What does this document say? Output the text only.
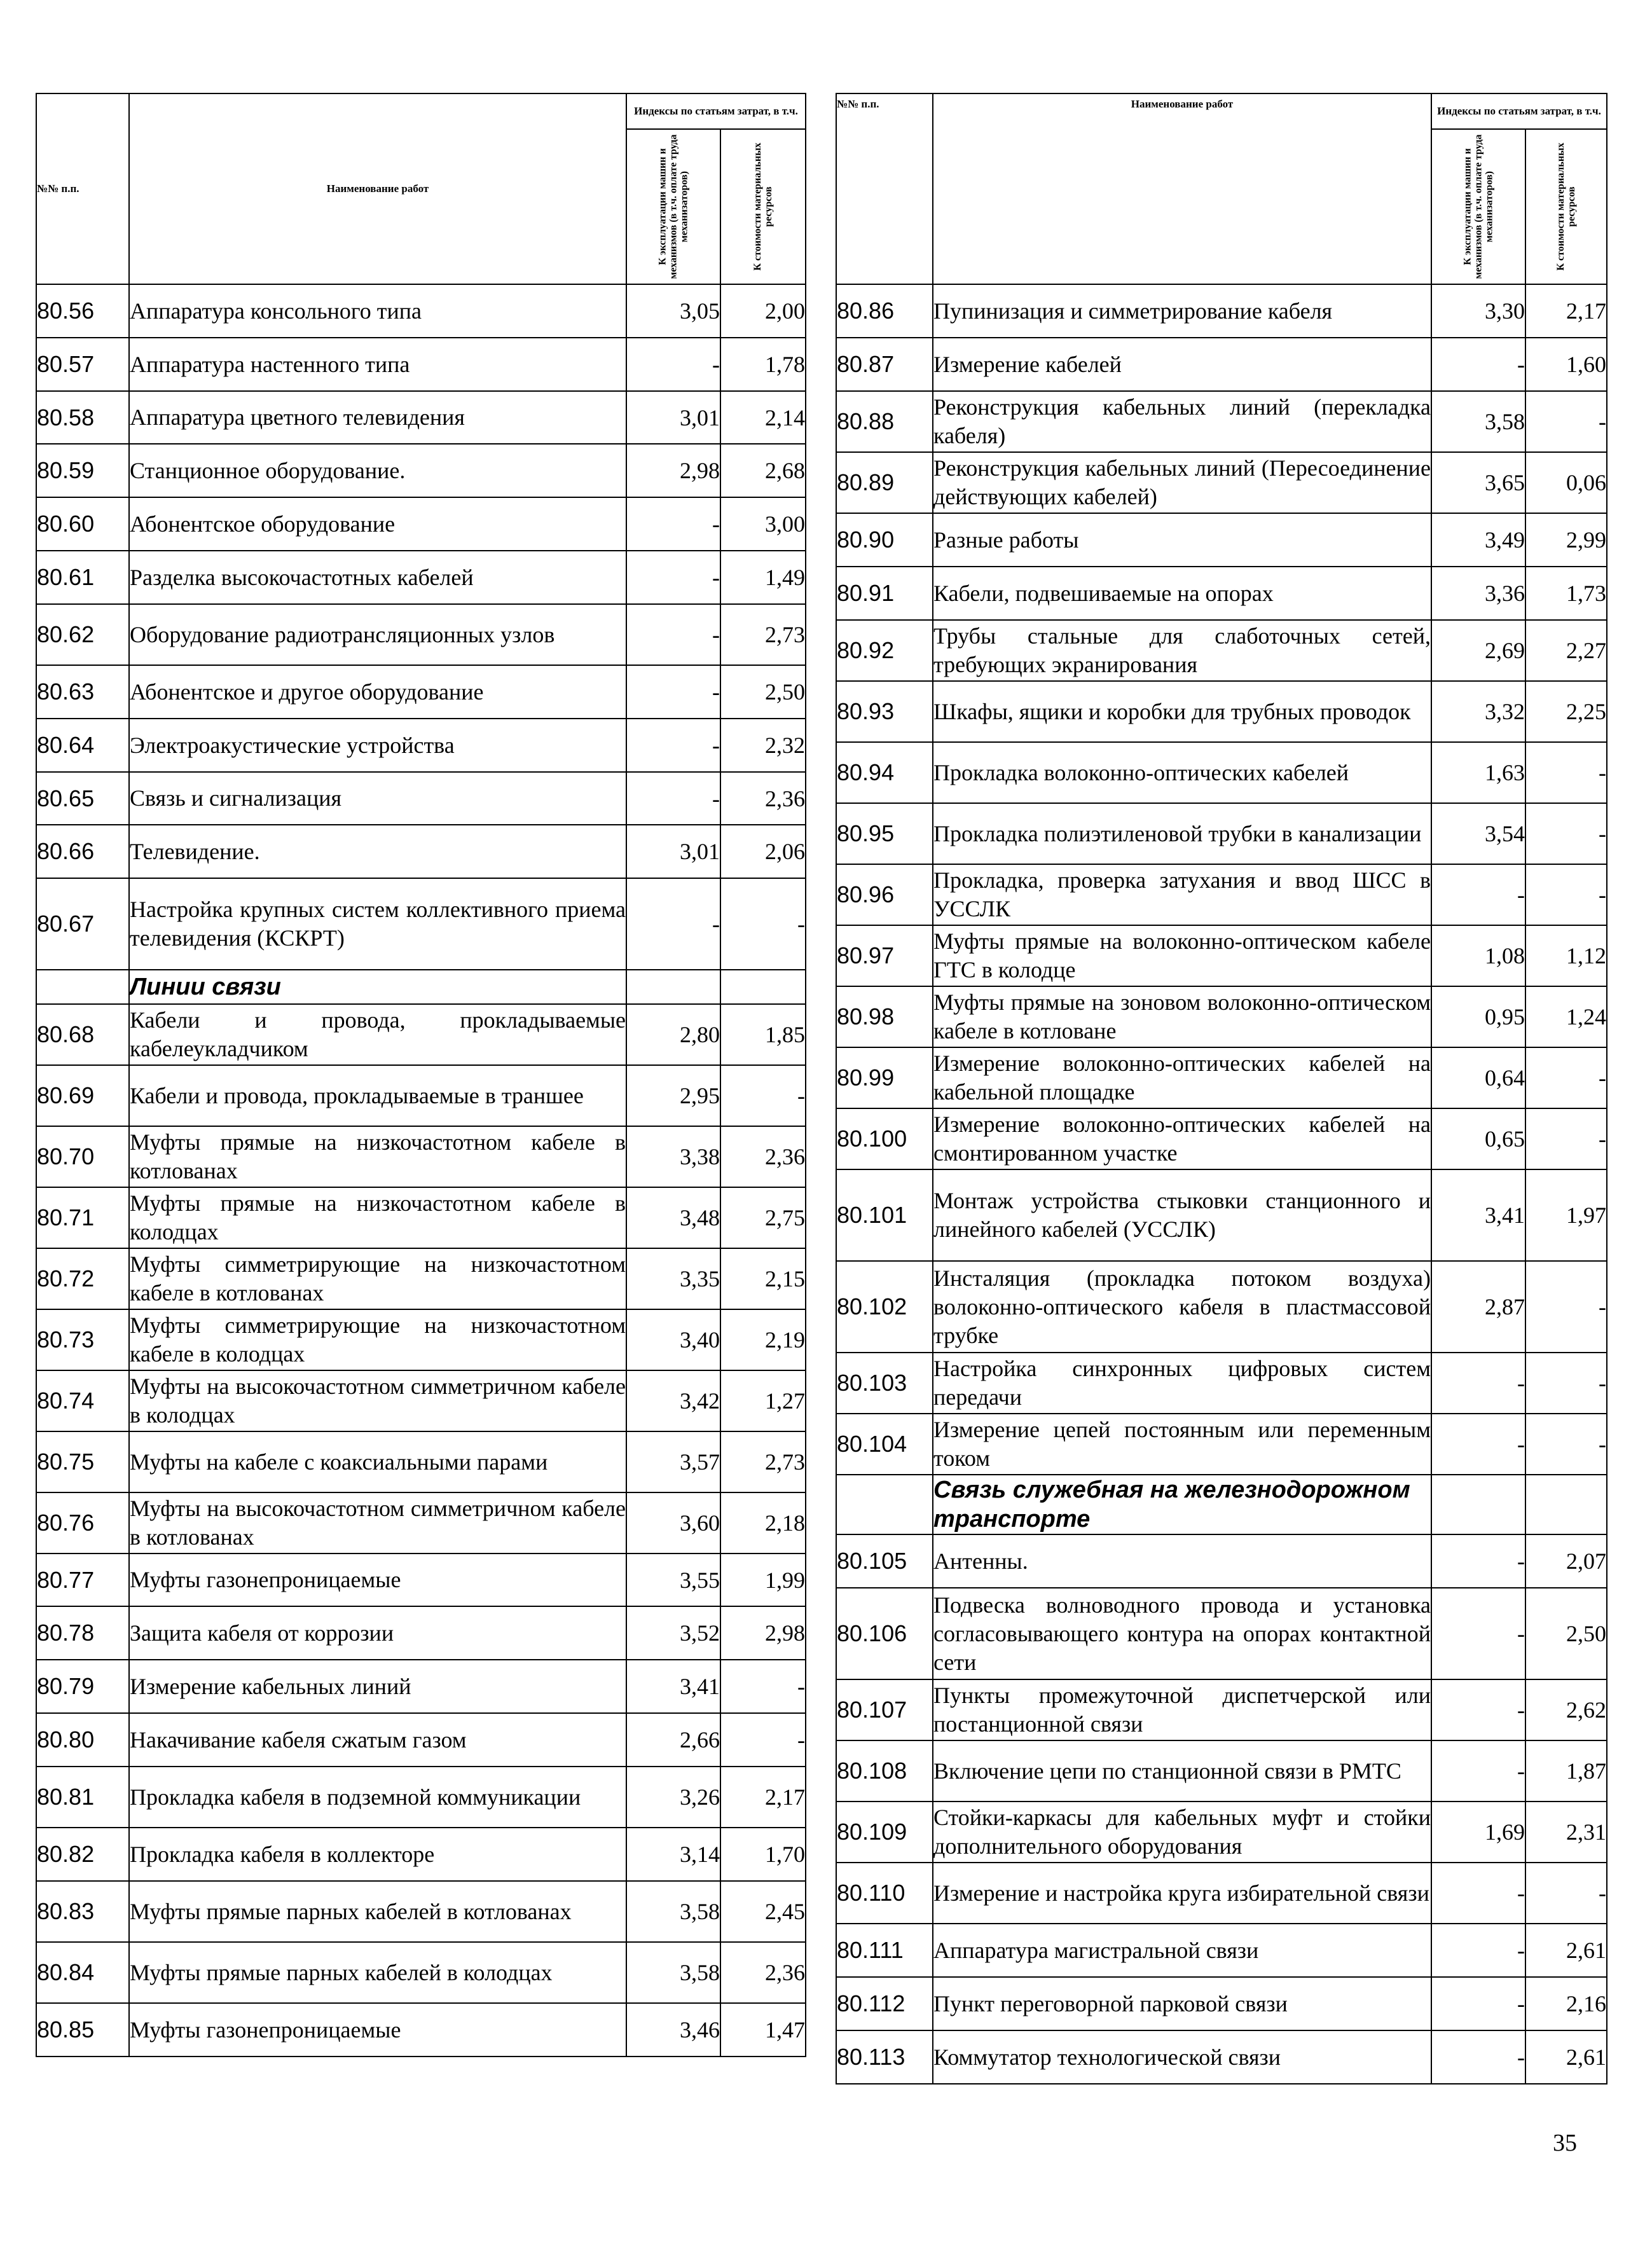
№№ п.п.	Наименование работ	Индексы по статьям затрат, в т.ч.	

		К эксплуатации машин и механизмов (в т.ч. оплате труда механизаторов)	К стоимости материальных ресурсов

80.56	Аппаратура консольного типа	3,05	2,00
80.57	Аппаратура настенного типа	-	1,78
80.58	Аппаратура цветного телевидения	3,01	2,14
80.59	Станционное оборудование.	2,98	2,68
80.60	Абонентское оборудование	-	3,00
80.61	Разделка высокочастотных кабелей	-	1,49
80.62	Оборудование радиотрансляционных узлов	-	2,73
80.63	Абонентское и другое оборудование	-	2,50
80.64	Электроакустические устройства	-	2,32
80.65	Связь и сигнализация	-	2,36
80.66	Телевидение.	3,01	2,06
80.67	Настройка крупных систем коллективного приема телевидения (КСКРТ)	-	-
	Линии связи		
80.68	Кабели и провода, прокладываемые кабелеукладчиком	2,80	1,85
80.69	Кабели и провода, прокладываемые в траншее	2,95	-
80.70	Муфты прямые на низкочастотном кабеле в котлованах	3,38	2,36
80.71	Муфты прямые на низкочастотном кабеле в колодцах	3,48	2,75
80.72	Муфты симметрирующие на низкочастотном кабеле в котлованах	3,35	2,15
80.73	Муфты симметрирующие на низкочастотном кабеле в колодцах	3,40	2,19
80.74	Муфты на высокочастотном симметричном кабеле в колодцах	3,42	1,27
80.75	Муфты на кабеле с коаксиальными парами	3,57	2,73
80.76	Муфты на высокочастотном симметричном кабеле в котлованах	3,60	2,18
80.77	Муфты газонепроницаемые	3,55	1,99
80.78	Защита кабеля от коррозии	3,52	2,98
80.79	Измерение кабельных линий	3,41	-
80.80	Накачивание кабеля сжатым газом	2,66	-
80.81	Прокладка кабеля в подземной коммуникации	3,26	2,17
80.82	Прокладка кабеля в коллекторе	3,14	1,70
80.83	Муфты прямые парных кабелей в котлованах	3,58	2,45
80.84	Муфты прямые парных кабелей в колодцах	3,58	2,36
80.85	Муфты газонепроницаемые	3,46	1,47
№№ п.п.	Наименование работ	Индексы по статьям затрат, в т.ч.	

		К эксплуатации машин и механизмов (в т.ч. оплате труда механизаторов)	К стоимости материальных ресурсов

80.86	Пупинизация и симметрирование кабеля	3,30	2,17
80.87	Измерение кабелей	-	1,60
80.88	Реконструкция кабельных линий (перекладка кабеля)	3,58	-
80.89	Реконструкция кабельных линий (Пересоединение действующих кабелей)	3,65	0,06
80.90	Разные работы	3,49	2,99
80.91	Кабели, подвешиваемые на опорах	3,36	1,73
80.92	Трубы стальные для слаботочных сетей, требующих экранирования	2,69	2,27
80.93	Шкафы, ящики и коробки для трубных проводок	3,32	2,25
80.94	Прокладка волоконно-оптических кабелей	1,63	-
80.95	Прокладка полиэтиленовой трубки в канализации	3,54	-
80.96	Прокладка, проверка затухания и ввод ШСС в УССЛК	-	-
80.97	Муфты прямые на волоконно-оптическом кабеле ГТС в колодце	1,08	1,12
80.98	Муфты прямые на зоновом волоконно-оптическом кабеле в котловане	0,95	1,24
80.99	Измерение волоконно-оптических кабелей на кабельной площадке	0,64	-
80.100	Измерение волоконно-оптических кабелей на смонтированном участке	0,65	-
80.101	Монтаж устройства стыковки станционного и линейного кабелей (УССЛК)	3,41	1,97
80.102	Инсталяция (прокладка потоком воздуха) волоконно-оптического кабеля в пластмассовой трубке	2,87	-
80.103	Настройка синхронных цифровых систем передачи	-	-
80.104	Измерение цепей постоянным или переменным током	-	-
	Связь служебная на железнодорожном транспорте		
80.105	Антенны.	-	2,07
80.106	Подвеска волноводного провода и установка согласовывающего контура на опорах контактной сети	-	2,50
80.107	Пункты промежуточной диспетчерской или постанционной связи	-	2,62
80.108	Включение цепи по станционной связи в РМТС	-	1,87
80.109	Стойки-каркасы для кабельных муфт и стойки дополнительного оборудования	1,69	2,31
80.110	Измерение и настройка круга избирательной связи	-	-
80.111	Аппаратура магистральной связи	-	2,61
80.112	Пункт переговорной парковой связи	-	2,16
80.113	Коммутатор технологической связи	-	2,61
35
